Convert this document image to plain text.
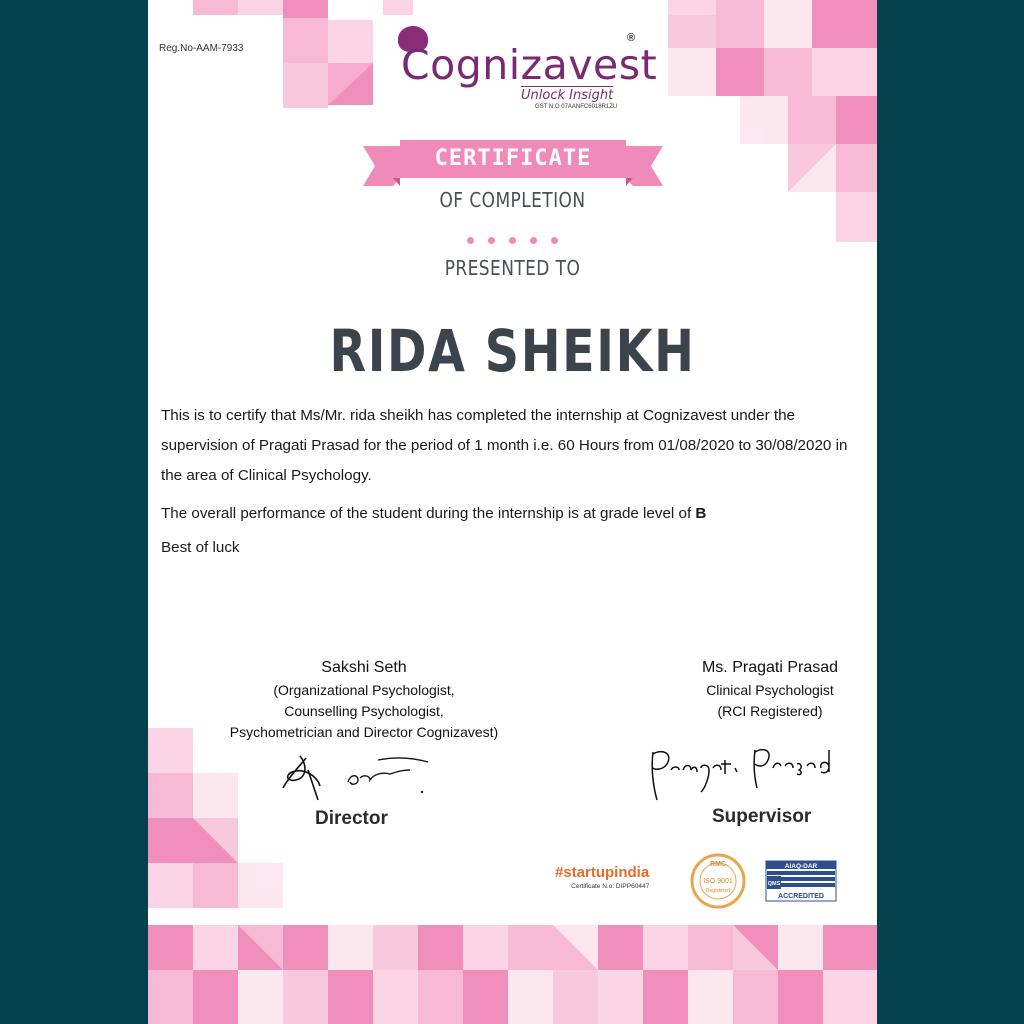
Reg.No-AAM-7933	Cognizavest
®
Unlock Insight
GST N.O 07AANFC6018R1ZU
CERTIFICATE
OF COMPLETION
PRESENTED TO
RIDA SHEIKH

This is to certify that Ms/Mr. rida sheikh has completed the internship at Cognizavest under the supervision of Pragati Prasad for the period of 1 month i.e. 60 Hours from 01/08/2020 to 30/08/2020 in the area of Clinical Psychology.

The overall performance of the student during the internship is at grade level of B

Best of luck

Sakshi Seth
(Organizational Psychologist,
Counselling Psychologist,
Psychometrician and Director Cognizavest)
Director
Ms. Pragati Prasad
Clinical Psychologist
(RCI Registered)
Supervisor
#startupindia
Certificate N.o: DIPP60447
RMC
ISO 9001
Registered
AIAQ-DAR
QMS
ACCREDITED
